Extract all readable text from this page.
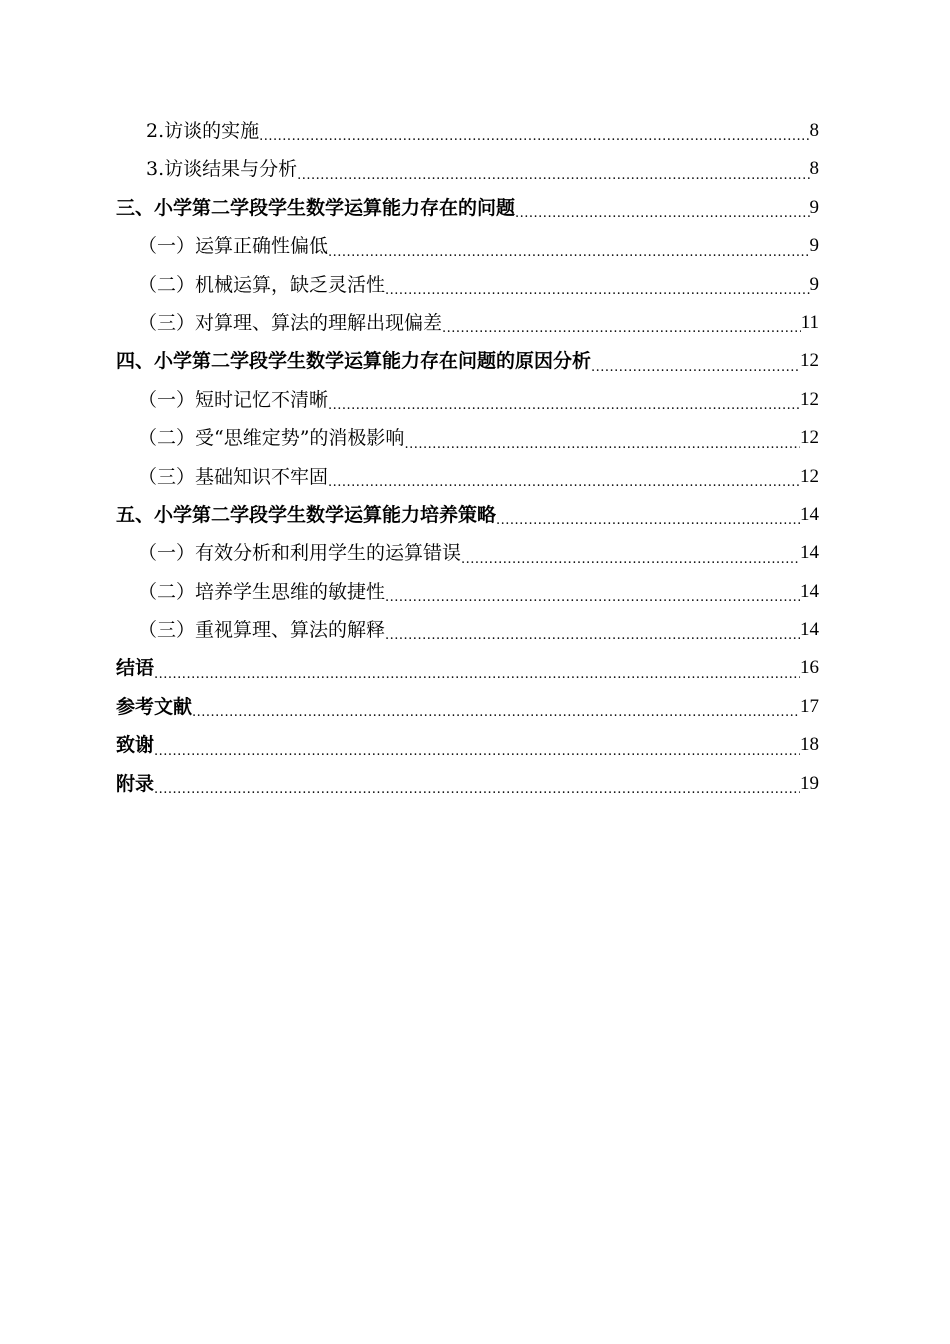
2.访谈的实施 .....	8
3.访谈结果与分析 .....	8
三、小学第二学段学生数学运算能力存在的问题 .....	9
（一）运算正确性偏低 .....	9
（二）机械运算，缺乏灵活性 .....	9
（三）对算理、算法的理解出现偏差 .....	11
四、小学第二学段学生数学运算能力存在问题的原因分析 .....	12
（一）短时记忆不清晰 .....	12
（二）受“思维定势”的消极影响 .....	12
（三）基础知识不牢固 .....	12
五、小学第二学段学生数学运算能力培养策略 .....	14
（一）有效分析和利用学生的运算错误 .....	14
（二）培养学生思维的敏捷性 .....	14
（三）重视算理、算法的解释 .....	14
结语 .....	16
参考文献 .....	17
致谢 .....	18
附录 .....	19
